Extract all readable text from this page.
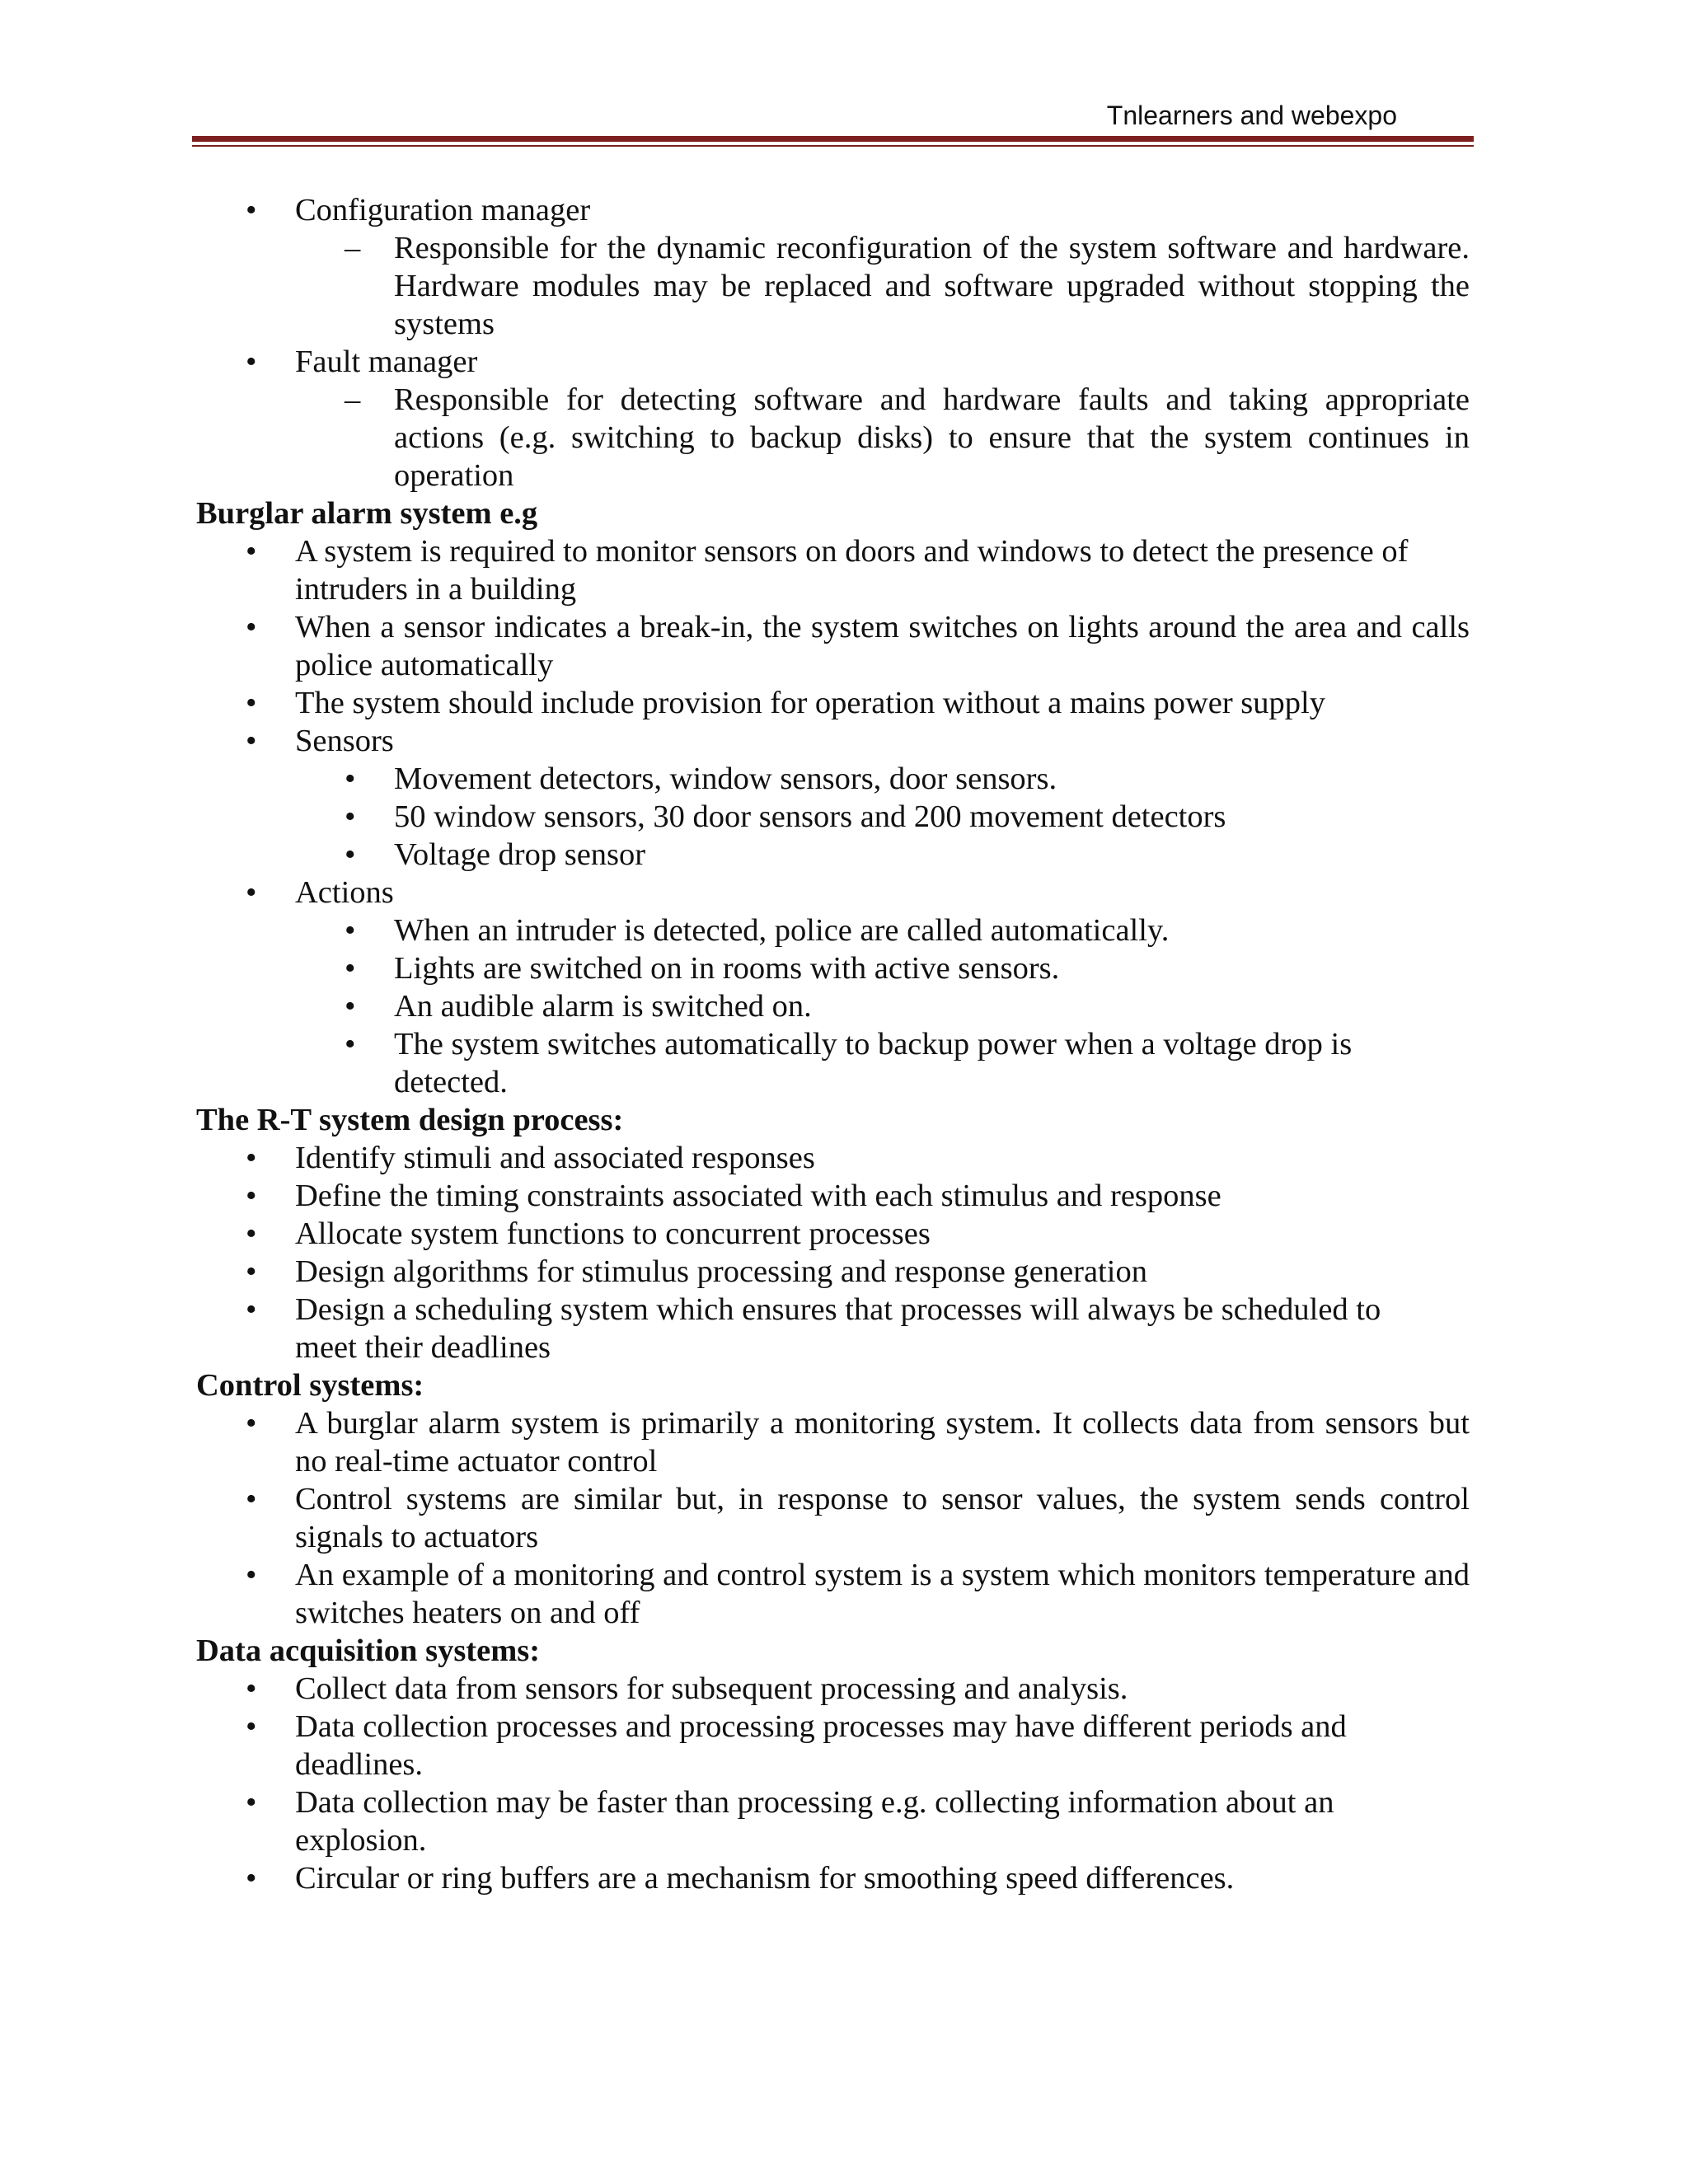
Tnlearners and webexpo
• Configuration manager
– Responsible for the dynamic reconfiguration of the system software and hardware. Hardware modules may be replaced and software upgraded without stopping the systems
• Fault manager
– Responsible for detecting software and hardware faults and taking appropriate actions (e.g. switching to backup disks) to ensure that the system continues in operation
Burglar alarm system e.g
• A system is required to monitor sensors on doors and windows to detect the presence of intruders in a building
• When a sensor indicates a break-in, the system switches on lights around the area and calls police automatically
• The system should include provision for operation without a mains power supply
• Sensors
• Movement detectors, window sensors, door sensors.
• 50 window sensors, 30 door sensors and 200 movement detectors
• Voltage drop sensor
• Actions
• When an intruder is detected, police are called automatically.
• Lights are switched on in rooms with active sensors.
• An audible alarm is switched on.
• The system switches automatically to backup power when a voltage drop is detected.
The R-T system design process:
• Identify stimuli and associated responses
• Define the timing constraints associated with each stimulus and response
• Allocate system functions to concurrent processes
• Design algorithms for stimulus processing and response generation
• Design a scheduling system which ensures that processes will always be scheduled to meet their deadlines
Control systems:
• A burglar alarm system is primarily a monitoring system. It collects data from sensors but no real-time actuator control
• Control systems are similar but, in response to sensor values, the system sends control signals to actuators
• An example of a monitoring and control system is a system which monitors temperature and switches heaters on and off
Data acquisition systems:
• Collect data from sensors for subsequent processing and analysis.
• Data collection processes and processing processes may have different periods and deadlines.
• Data collection may be faster than processing e.g. collecting information about an explosion.
• Circular or ring buffers are a mechanism for smoothing speed differences.
